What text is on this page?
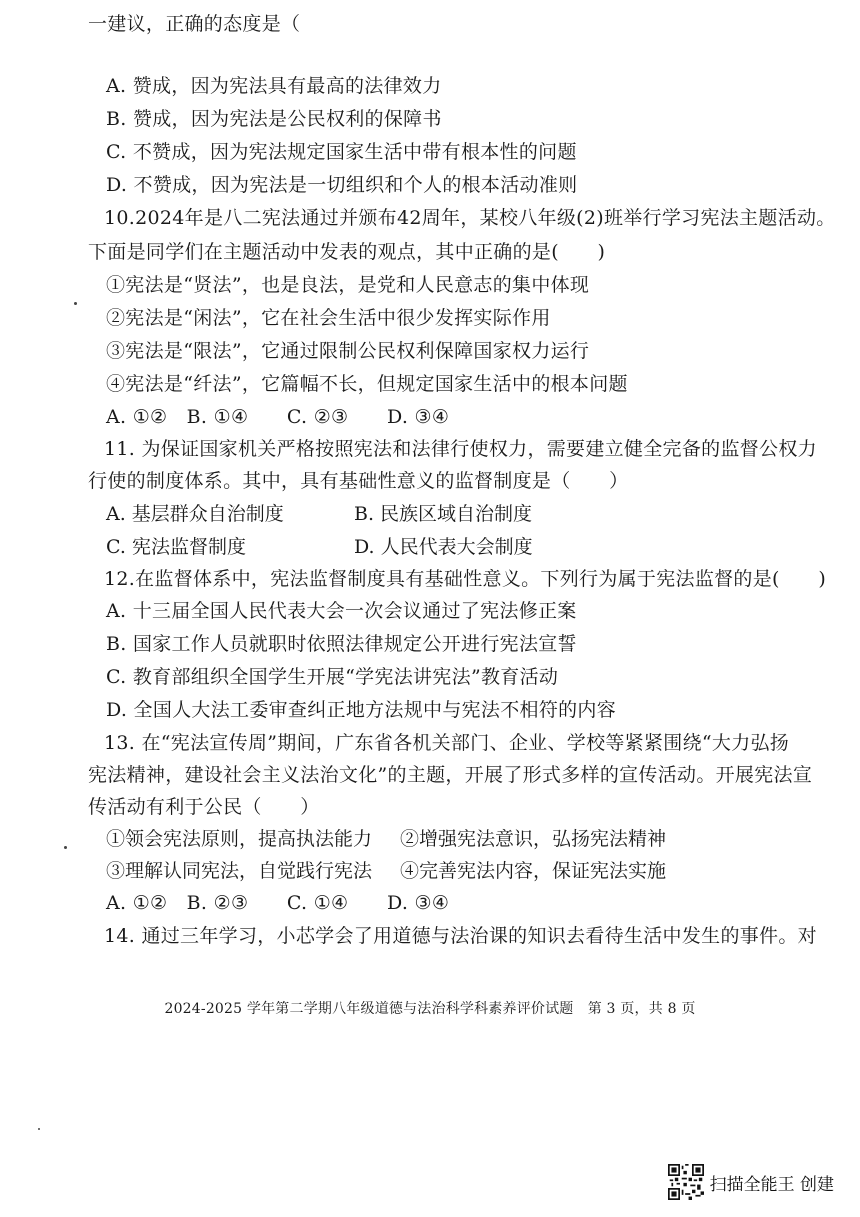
一建议，正确的态度是（
A. 赞成，因为宪法具有最高的法律效力
B. 赞成，因为宪法是公民权利的保障书
C. 不赞成，因为宪法规定国家生活中带有根本性的问题
D. 不赞成，因为宪法是一切组织和个人的根本活动准则
10.2024年是八二宪法通过并颁布42周年，某校八年级(2)班举行学习宪法主题活动。
下面是同学们在主题活动中发表的观点，其中正确的是(　　)
①宪法是“贤法”，也是良法，是党和人民意志的集中体现
②宪法是“闲法”，它在社会生活中很少发挥实际作用
③宪法是“限法”，它通过限制公民权利保障国家权力运行
④宪法是“纤法”，它篇幅不长，但规定国家生活中的根本问题
A. ①②　B. ①④　　C. ②③　　D. ③④
11. 为保证国家机关严格按照宪法和法律行使权力，需要建立健全完备的监督公权力
行使的制度体系。其中，具有基础性意义的监督制度是（　　）
A. 基层群众自治制度	B. 民族区域自治制度
C. 宪法监督制度	D. 人民代表大会制度
12.在监督体系中，宪法监督制度具有基础性意义。下列行为属于宪法监督的是(　　)
A. 十三届全国人民代表大会一次会议通过了宪法修正案
B. 国家工作人员就职时依照法律规定公开进行宪法宣誓
C. 教育部组织全国学生开展“学宪法讲宪法”教育活动
D. 全国人大法工委审查纠正地方法规中与宪法不相符的内容
13. 在“宪法宣传周”期间，广东省各机关部门、企业、学校等紧紧围绕“大力弘扬
宪法精神，建设社会主义法治文化”的主题，开展了形式多样的宣传活动。开展宪法宣
传活动有利于公民（　　）
①领会宪法原则，提高执法能力 ②增强宪法意识，弘扬宪法精神
③理解认同宪法，自觉践行宪法 ④完善宪法内容，保证宪法实施
A. ①②　B. ②③　　C. ①④　　D. ③④
14. 通过三年学习，小芯学会了用道德与法治课的知识去看待生活中发生的事件。对
2024-2025 学年第二学期八年级道德与法治科学科素养评价试题　第 3 页，共 8 页
扫描全能王 创建
